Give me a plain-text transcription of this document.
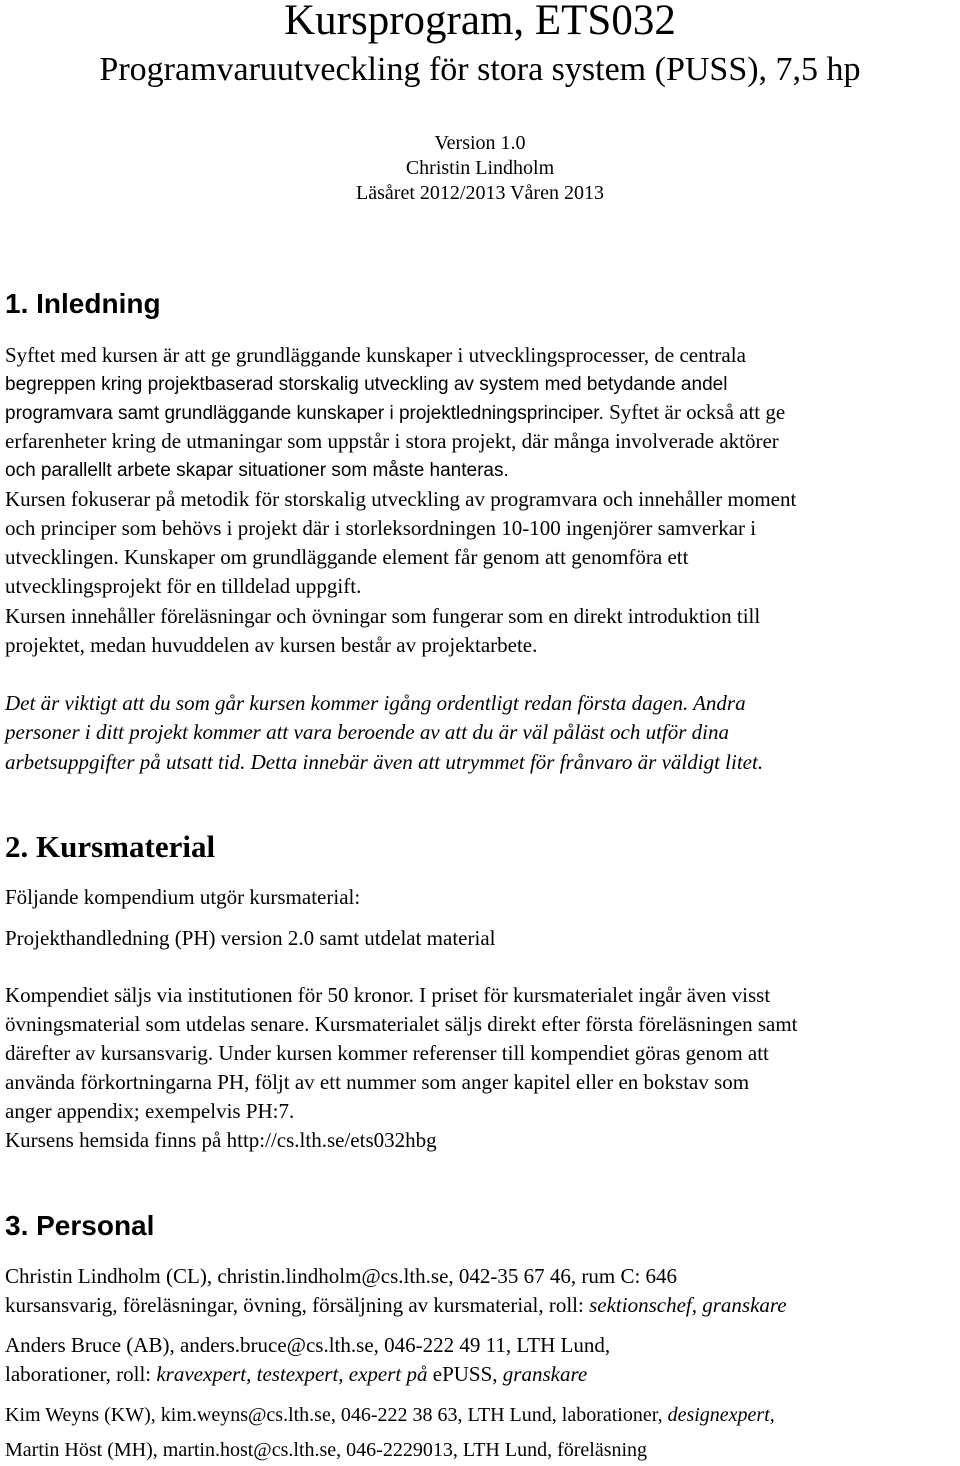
Kursprogram, ETS032
Programvaruutveckling för stora system (PUSS), 7,5 hp
Version 1.0
Christin Lindholm
Läsåret 2012/2013 Våren 2013
1. Inledning
Syftet med kursen är att ge grundläggande kunskaper i utvecklingsprocesser, de centrala
begreppen kring projektbaserad storskalig utveckling av system med betydande andel
programvara samt grundläggande kunskaper i projektledningsprinciper. Syftet är också att ge
erfarenheter kring de utmaningar som uppstår i stora projekt, där många involverade aktörer
och parallellt arbete skapar situationer som måste hanteras.
Kursen fokuserar på metodik för storskalig utveckling av programvara och innehåller moment
och principer som behövs i projekt där i storleksordningen 10-100 ingenjörer samverkar i
utvecklingen. Kunskaper om grundläggande element får genom att genomföra ett
utvecklingsprojekt för en tilldelad uppgift.
Kursen innehåller föreläsningar och övningar som fungerar som en direkt introduktion till
projektet, medan huvuddelen av kursen består av projektarbete.
Det är viktigt att du som går kursen kommer igång ordentligt redan första dagen. Andra
personer i ditt projekt kommer att vara beroende av att du är väl påläst och utför dina
arbetsuppgifter på utsatt tid. Detta innebär även att utrymmet för frånvaro är väldigt litet.
2. Kursmaterial
Följande kompendium utgör kursmaterial:
Projekthandledning (PH) version 2.0 samt utdelat material
Kompendiet säljs via institutionen för 50 kronor. I priset för kursmaterialet ingår även visst
övningsmaterial som utdelas senare. Kursmaterialet säljs direkt efter första föreläsningen samt
därefter av kursansvarig. Under kursen kommer referenser till kompendiet göras genom att
använda förkortningarna PH, följt av ett nummer som anger kapitel eller en bokstav som
anger appendix; exempelvis PH:7.
Kursens hemsida finns på http://cs.lth.se/ets032hbg
3. Personal
Christin Lindholm (CL), christin.lindholm@cs.lth.se, 042-35 67 46, rum C: 646
kursansvarig, föreläsningar, övning, försäljning av kursmaterial, roll: sektionschef, granskare
Anders Bruce (AB), anders.bruce@cs.lth.se, 046-222 49 11, LTH Lund,
laborationer, roll: kravexpert, testexpert, expert på ePUSS, granskare
Kim Weyns (KW), kim.weyns@cs.lth.se, 046-222 38 63, LTH Lund, laborationer, designexpert,
Martin Höst (MH), martin.host@cs.lth.se, 046-2229013, LTH Lund, föreläsning
